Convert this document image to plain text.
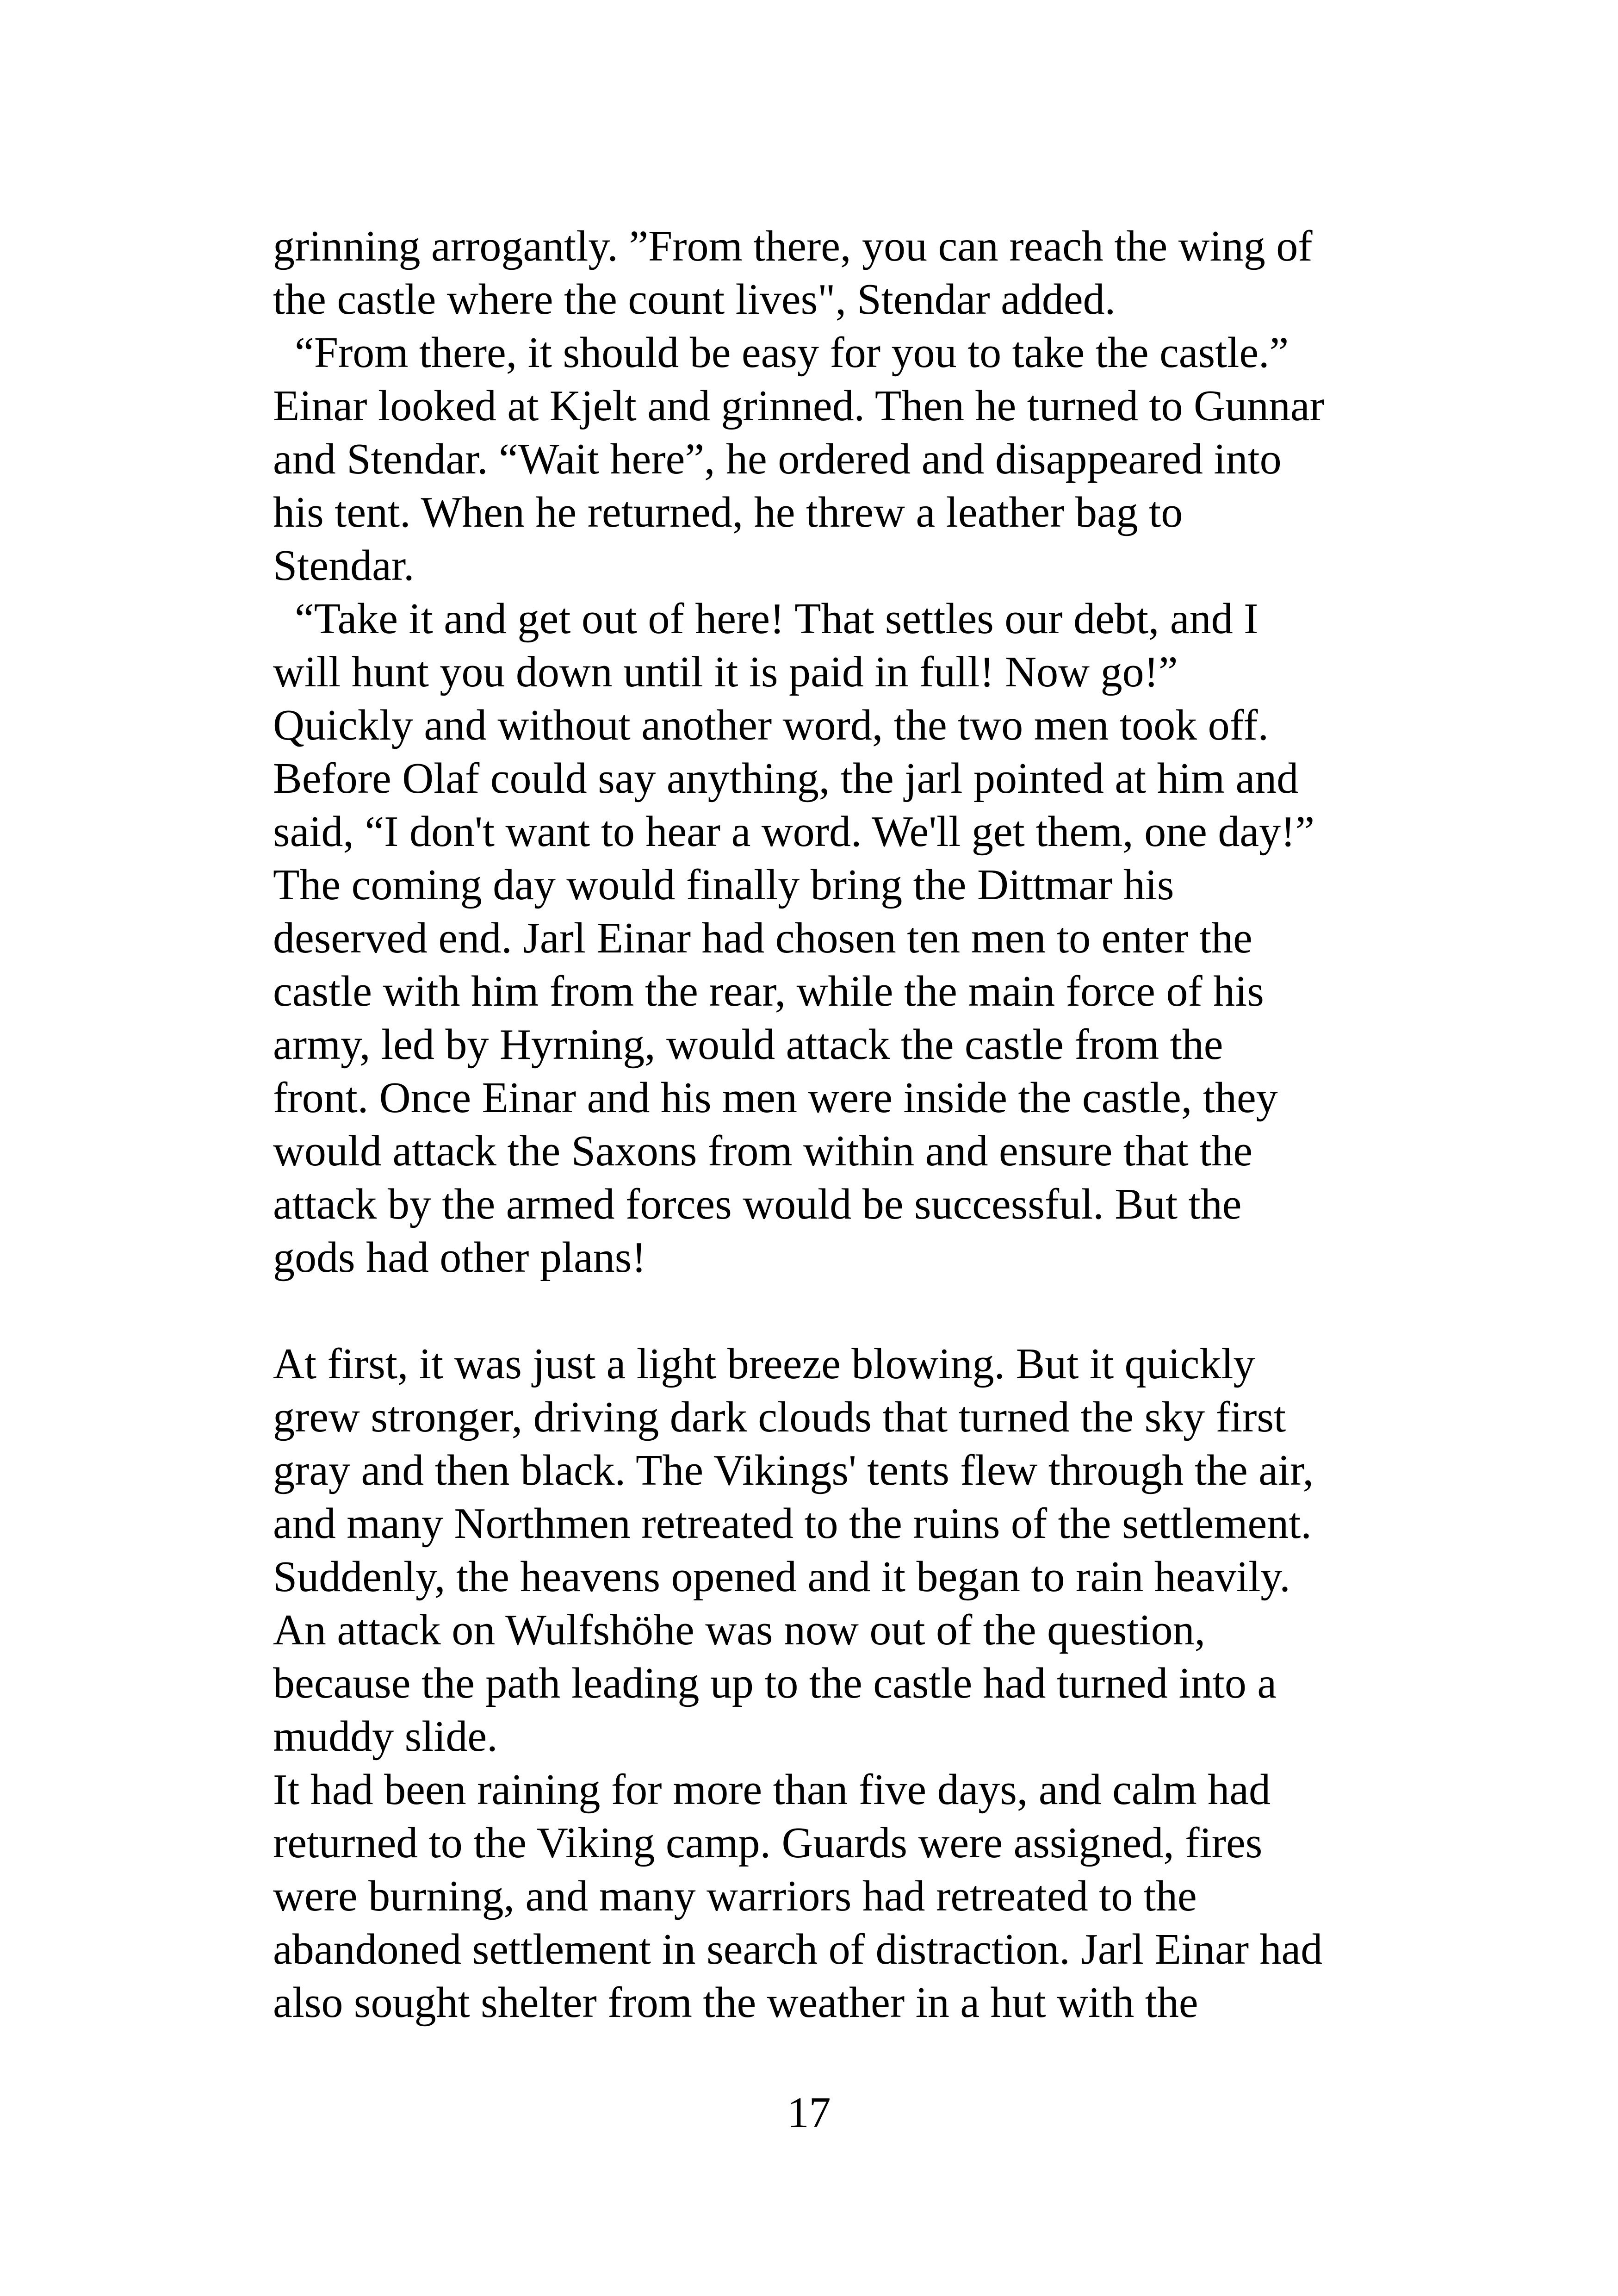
grinning arrogantly. ”From there, you can reach the wing of
the castle where the count lives", Stendar added.
“From there, it should be easy for you to take the castle.”
Einar looked at Kjelt and grinned. Then he turned to Gunnar
and Stendar. “Wait here”, he ordered and disappeared into
his tent. When he returned, he threw a leather bag to
Stendar.
“Take it and get out of here! That settles our debt, and I
will hunt you down until it is paid in full! Now go!”
Quickly and without another word, the two men took off.
Before Olaf could say anything, the jarl pointed at him and
said, “I don't want to hear a word. We'll get them, one day!”
The coming day would finally bring the Dittmar his
deserved end. Jarl Einar had chosen ten men to enter the
castle with him from the rear, while the main force of his
army, led by Hyrning, would attack the castle from the
front. Once Einar and his men were inside the castle, they
would attack the Saxons from within and ensure that the
attack by the armed forces would be successful. But the
gods had other plans!
At first, it was just a light breeze blowing. But it quickly
grew stronger, driving dark clouds that turned the sky first
gray and then black. The Vikings' tents flew through the air,
and many Northmen retreated to the ruins of the settlement.
Suddenly, the heavens opened and it began to rain heavily.
An attack on Wulfshöhe was now out of the question,
because the path leading up to the castle had turned into a
muddy slide.
It had been raining for more than five days, and calm had
returned to the Viking camp. Guards were assigned, fires
were burning, and many warriors had retreated to the
abandoned settlement in search of distraction. Jarl Einar had
also sought shelter from the weather in a hut with the
17
